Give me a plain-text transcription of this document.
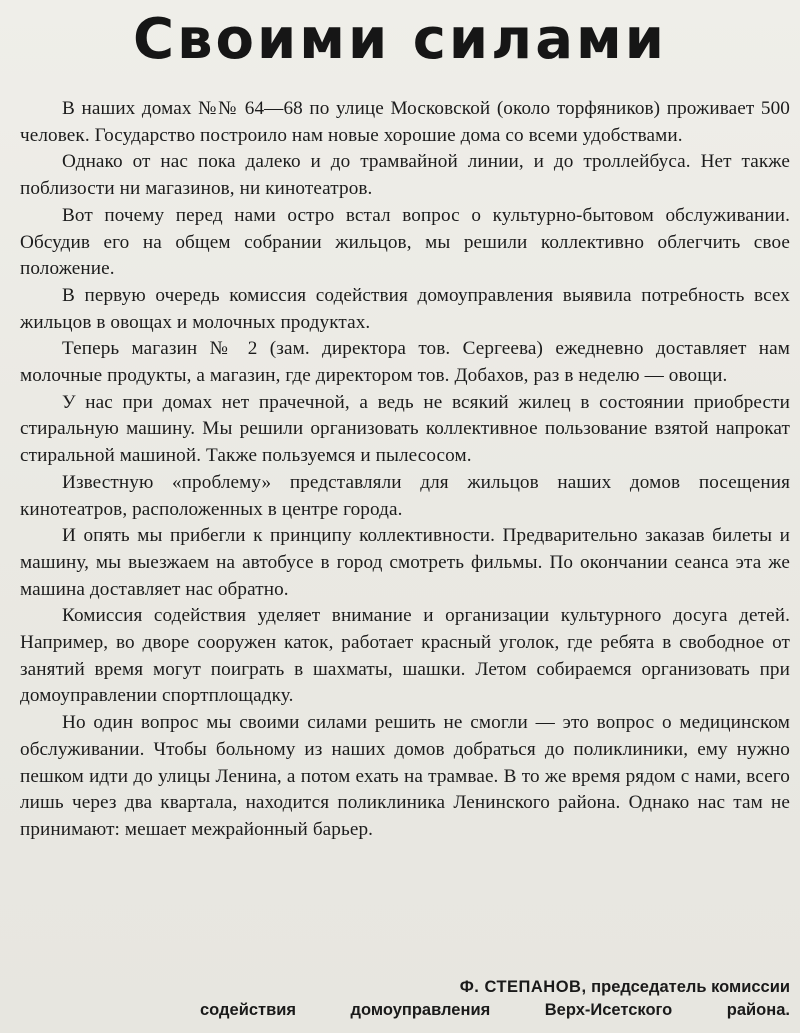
Своими силами

В наших домах №№ 64—68 по улице Московской (около торфяников) проживает 500 человек. Государство построило нам новые хорошие дома со всеми удобствами.

Однако от нас пока далеко и до трамвайной линии, и до троллейбуса. Нет также поблизости ни магазинов, ни кинотеатров.

Вот почему перед нами остро встал вопрос о культурно-бытовом обслуживании. Обсудив его на общем собрании жильцов, мы решили коллективно облегчить свое положение.

В первую очередь комиссия содействия домоуправления выявила потребность всех жильцов в овощах и молочных продуктах.

Теперь магазин № 2 (зам. директора тов. Сергеева) ежедневно доставляет нам молочные продукты, а магазин, где директором тов. Добахов, раз в неделю — овощи.

У нас при домах нет прачечной, а ведь не всякий жилец в состоянии приобрести стиральную машину. Мы решили организовать коллективное пользование взятой напрокат стиральной машиной. Также пользуемся и пылесосом.

Известную «проблему» представляли для жильцов наших домов посещения кинотеатров, расположенных в центре города.

И опять мы прибегли к принципу коллективности. Предварительно заказав билеты и машину, мы выезжаем на автобусе в город смотреть фильмы. По окончании сеанса эта же машина доставляет нас обратно.

Комиссия содействия уделяет внимание и организации культурного досуга детей. Например, во дворе сооружен каток, работает красный уголок, где ребята в свободное от занятий время могут поиграть в шахматы, шашки. Летом собираемся организовать при домоуправлении спортплощадку.

Но один вопрос мы своими силами решить не смогли — это вопрос о медицинском обслуживании. Чтобы больному из наших домов добраться до поликлиники, ему нужно пешком идти до улицы Ленина, а потом ехать на трамвае. В то же время рядом с нами, всего лишь через два квартала, находится поликлиника Ленинского района. Однако нас там не принимают: мешает межрайонный барьер.

Ф. СТЕПАНОВ, председатель комиссии
содействия домоуправления Верх-Исетского района.
